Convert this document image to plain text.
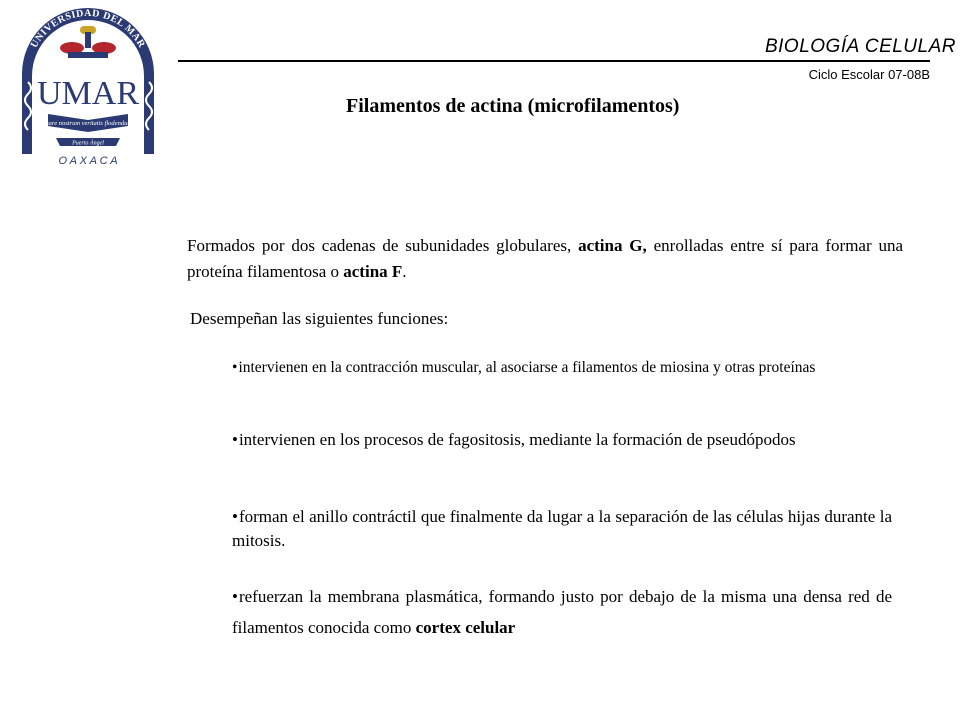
UNIVERSIDAD DEL MAR
UMAR
mare nostrum veritatis flodendum
Puerto Ángel
O A X A C A
BIOLOGÍA CELULAR
Ciclo Escolar 07-08B
Filamentos de actina (microfilamentos)

Formados por dos cadenas de subunidades globulares, actina G, enrolladas entre sí para formar una proteína filamentosa o actina F.

Desempeñan las siguientes funciones:

•intervienen en la contracción muscular, al asociarse a filamentos de miosina y otras proteínas

•intervienen en los procesos de fagositosis, mediante la formación de pseudópodos

•forman el anillo contráctil que finalmente da lugar a la separación de las células hijas durante la mitosis.

•refuerzan la membrana plasmática, formando justo por debajo de la misma una densa red de filamentos conocida como cortex celular
